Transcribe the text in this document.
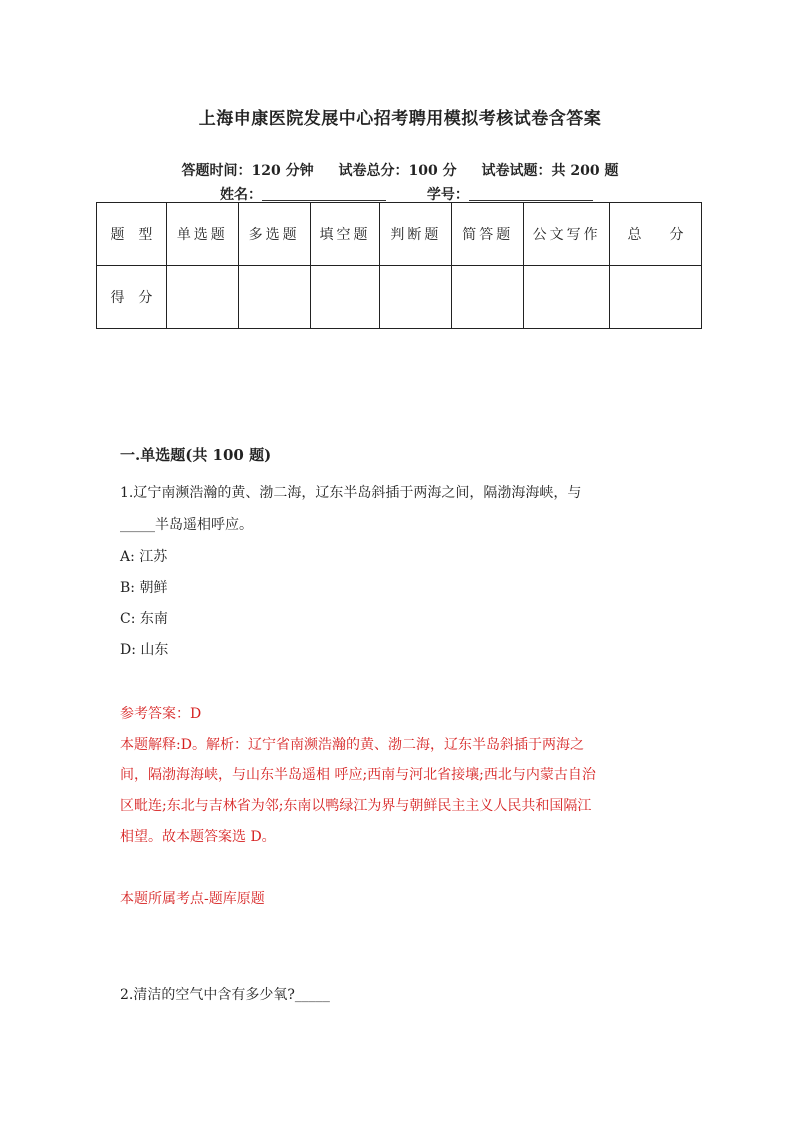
上海申康医院发展中心招考聘用模拟考核试卷含答案
答题时间：120 分钟 试卷总分：100 分 试卷试题：共 200 题
姓名：	学号：
题　型	单选题	多选题	填空题	判断题	简答题	公文写作	总　　分
得　分							
一.单选题(共 100 题)
1.辽宁南濒浩瀚的黄、渤二海，辽东半岛斜插于两海之间，隔渤海海峡，与
_____半岛遥相呼应。
A: 江苏
B: 朝鲜
C: 东南
D: 山东
参考答案：D
本题解释:D。解析：辽宁省南濒浩瀚的黄、渤二海，辽东半岛斜插于两海之
间，隔渤海海峡，与山东半岛遥相 呼应;西南与河北省接壤;西北与内蒙古自治
区毗连;东北与吉林省为邻;东南以鸭绿江为界与朝鲜民主主义人民共和国隔江
相望。故本题答案选 D。
本题所属考点-题库原题
2.清洁的空气中含有多少氧?_____
